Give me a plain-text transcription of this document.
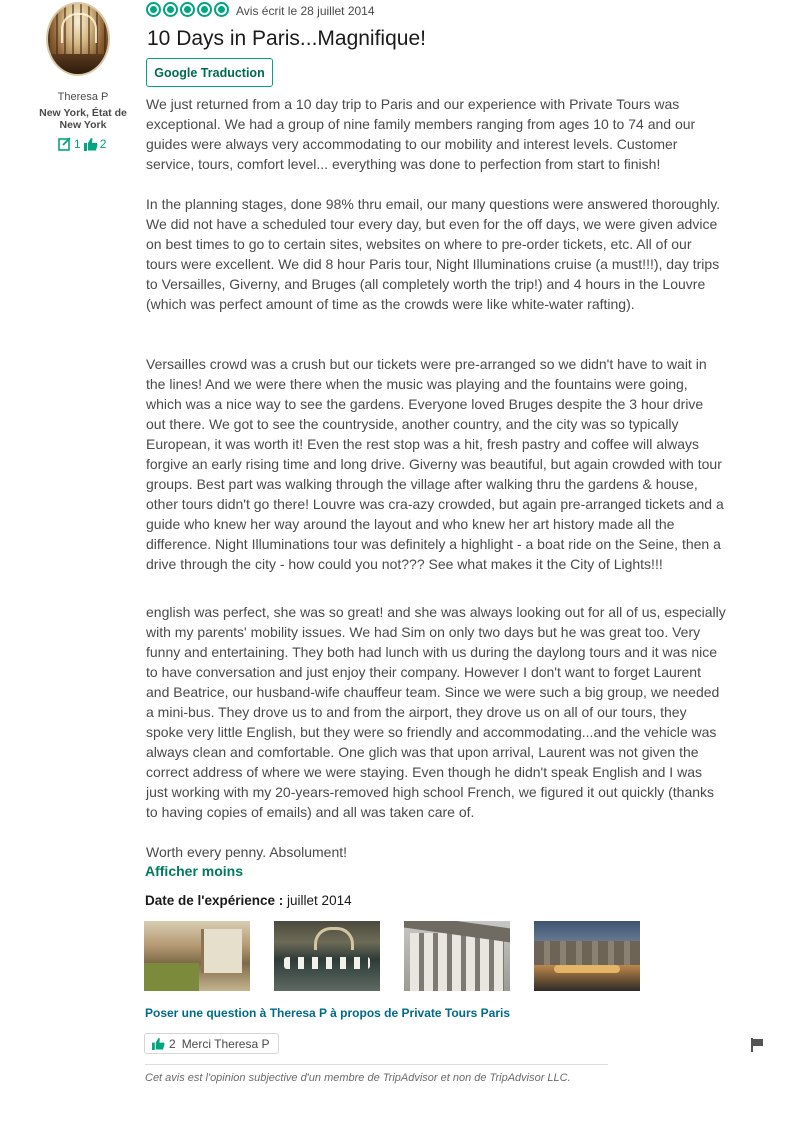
Theresa P
New York, État de New York
1 2
Avis écrit le 28 juillet 2014
10 Days in Paris...Magnifique!
Google Traduction

We just returned from a 10 day trip to Paris and our experience with Private Tours was exceptional. We had a group of nine family members ranging from ages 10 to 74 and our guides were always very accommodating to our mobility and interest levels. Customer service, tours, comfort level... everything was done to perfection from start to finish!

In the planning stages, done 98% thru email, our many questions were answered thoroughly. We did not have a scheduled tour every day, but even for the off days, we were given advice on best times to go to certain sites, websites on where to pre-order tickets, etc. All of our tours were excellent. We did 8 hour Paris tour, Night Illuminations cruise (a must!!!), day trips to Versailles, Giverny, and Bruges (all completely worth the trip!) and 4 hours in the Louvre (which was perfect amount of time as the crowds were like white-water rafting).

Versailles crowd was a crush but our tickets were pre-arranged so we didn't have to wait in the lines! And we were there when the music was playing and the fountains were going, which was a nice way to see the gardens. Everyone loved Bruges despite the 3 hour drive out there. We got to see the countryside, another country, and the city was so typically European, it was worth it! Even the rest stop was a hit, fresh pastry and coffee will always forgive an early rising time and long drive. Giverny was beautiful, but again crowded with tour groups. Best part was walking through the village after walking thru the gardens & house, other tours didn't go there! Louvre was cra-azy crowded, but again pre-arranged tickets and a guide who knew her way around the layout and who knew her art history made all the difference. Night Illuminations tour was definitely a highlight - a boat ride on the Seine, then a drive through the city - how could you not??? See what makes it the City of Lights!!!

english was perfect, she was so great! and she was always looking out for all of us, especially with my parents' mobility issues. We had Sim on only two days but he was great too. Very funny and entertaining. They both had lunch with us during the daylong tours and it was nice to have conversation and just enjoy their company. However I don't want to forget Laurent and Beatrice, our husband-wife chauffeur team. Since we were such a big group, we needed a mini-bus. They drove us to and from the airport, they drove us on all of our tours, they spoke very little English, but they were so friendly and accommodating...and the vehicle was always clean and comfortable. One glich was that upon arrival, Laurent was not given the correct address of where we were staying. Even though he didn't speak English and I was just working with my 20-years-removed high school French, we figured it out quickly (thanks to having copies of emails) and all was taken care of.

Worth every penny. Absolument!

Afficher moins
Date de l'expérience : juillet 2014
Poser une question à Theresa P à propos de Private Tours Paris
2 Merci Theresa P
Cet avis est l'opinion subjective d'un membre de TripAdvisor et non de TripAdvisor LLC.
